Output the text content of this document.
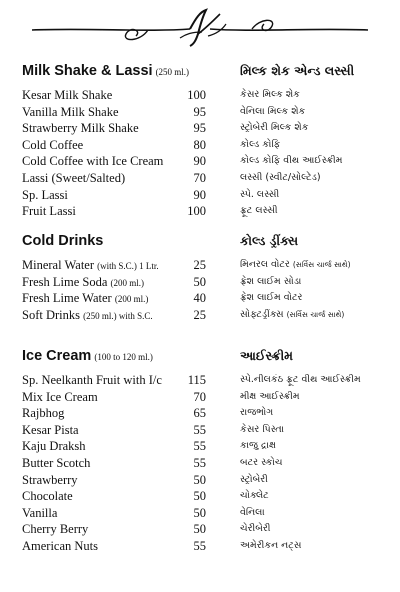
Milk Shake & Lassi (250 ml.)	મિલ્ક શેક એન્ડ લસ્સી
Kesar Milk Shake	100	કેસર મિલ્ક શેક
Vanilla Milk Shake	95	વેનિલા મિલ્ક શેક
Strawberry Milk Shake	95	સ્ટ્રોબેરી મિલ્ક શેક
Cold Coffee	80	કોલ્ડ કોફિ
Cold Coffee with Ice Cream 90	કોલ્ડ કોફિ વીથ આઈસ્ક્રીમ
Lassi (Sweet/Salted)	70	લસ્સી (સ્વીટ/સોલ્ટેડ)
Sp. Lassi	90	સ્પે. લસ્સી
Fruit Lassi	100	ફ્રૂટ લસ્સી
Cold Drinks	કોલ્ડ ડ્રીંક્સ
Mineral Water (with S.C.) 1 Ltr.	25	મિનરલ વોટર (સર્વિસ ચાર્જ સાથે)
Fresh Lime Soda (200 ml.)	50	ફ્રેશ લાઈમ સોડા
Fresh Lime Water (200 ml.)	40	ફ્રેશ લાઈમ વોટર
Soft Drinks (250 ml.) with S.C.	25	સોફ્ટડ્રીંક્સ (સર્વિસ ચાર્જ સાથે)
Ice Cream (100 to 120 ml.)	આઈસ્ક્રીમ
Sp. Neelkanth Fruit with I/c 115	સ્પે.નીલકંઠ ફ્રૂટ વીથ આઈસ્ક્રીમ
Mix Ice Cream	70	મીક્ષ આઈસ્ક્રીમ
Rajbhog	65	રાજભોગ
Kesar Pista	55	કેસર પિસ્તા
Kaju Draksh	55	કાજુ દ્રાક્ષ
Butter Scotch	55	બટર સ્કોચ
Strawberry	50	સ્ટ્રોબેરી
Chocolate	50	ચોક્લેટ
Vanilla	50	વેનિલા
Cherry Berry	50	ચેરીબેરી
American Nuts	55	અમેરીકન નટ્સ
